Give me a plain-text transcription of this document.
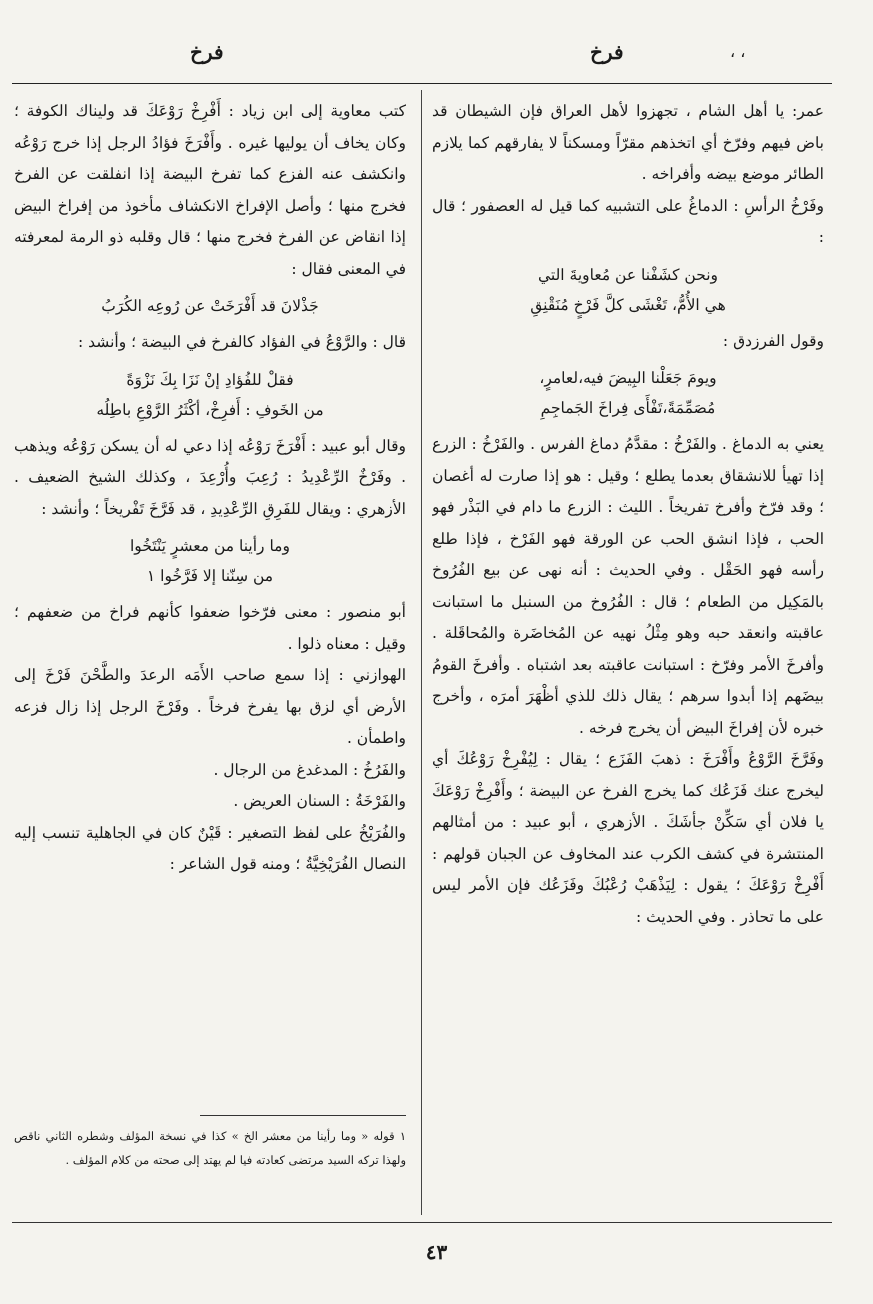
فرخ	فرخ	، ،

عمر: يا أهل الشام ، تجهزوا لأهل العراق فإن الشيطان قد باض فيهم وفرّخ أي اتخذهم مقرّاً ومسكناً لا يفارقهم كما يلازم الطائر موضع بيضه وأفراخه .

وفَرْخُ الرأسِ : الدماغُ على التشبيه كما قيل له العصفور ؛ قال :

ونحن كشَفْنا عن مُعاويةَ التي
هي الأُمُّ، تَغْشَى كلَّ فَرْخٍ مُنَقْنِقِ

وقول الفرزدق :

ويومَ جَعَلْنا البِيضَ فيه،لعامرٍ،
مُصَمِّمَةً،تَفْأَى فِراخَ الجَماجِمِ

يعني به الدماغ . والفَرْخُ : مقدَّمُ دماغ الفرس . والفَرْخُ : الزرع إذا تهيأ للانشقاق بعدما يطلع ؛ وقيل : هو إذا صارت له أغصان ؛ وقد فرّخ وأفرخ تفريخاً . الليث : الزرع ما دام في البَذْر فهو الحب ، فإذا انشق الحب عن الورقة فهو الفَرْخ ، فإذا طلع رأسه فهو الحَقْل . وفي الحديث : أنه نهى عن بيع الفُرُوخ بالمَكِيل من الطعام ؛ قال : الفُرُوخ من السنبل ما استبانت عاقبته وانعقد حبه وهو مِثْلُ نهيه عن المُخاضَرة والمُحاقَلة . وأفرخَ الأمر وفرّخ : استبانت عاقبته بعد اشتباه . وأفرخَ القومُ بيضَهم إذا أبدوا سرهم ؛ يقال ذلك للذي أظْهَرَ أمرَه ، وأخرج خبره لأن إفراخَ البيض أن يخرج فرخه .

وفَرَّخَ الرَّوْعُ وأَفْرَخَ : ذهبَ الفَزَع ؛ يقال : لِيُفْرِخْ رَوْعُكَ أي ليخرج عنك فَزَعُك كما يخرج الفرخ عن البيضة ؛ وأَفْرِخْ رَوْعَكَ يا فلان أي سَكِّنْ جأشَكَ . الأزهري ، أبو عبيد : من أمثالهم المنتشرة في كشف الكرب عند المخاوف عن الجبان قولهم : أَفْرِخْ رَوْعَكَ ؛ يقول : لِيَذْهَبْ رُعْبُكَ وفَزَعُك فإن الأمر ليس على ما تحاذر . وفي الحديث :

كتب معاوية إلى ابن زياد : أَفْرِخْ رَوْعَكَ قد وليناك الكوفة ؛ وكان يخاف أن يوليها غيره . وأَفْرَخَ فؤادُ الرجل إذا خرج رَوْعُه وانكشف عنه الفزع كما تفرخ البيضة إذا انفلقت عن الفرخ فخرج منها ؛ وأصل الإفراخ الانكشاف مأخوذ من إفراخ البيض إذا انقاض عن الفرخ فخرج منها ؛ قال وقلبه ذو الرمة لمعرفته في المعنى فقال :

جَذْلانَ قد أَفْرَخَتْ عن رُوعِه الكُرَبُ

قال : والرَّوْعُ في الفؤاد كالفرخ في البيضة ؛ وأنشد :

فقلْ للفُؤادِ إنْ نَزَا بِكَ نَزْوَةً
من الخَوفِ : أَفرِخْ، أكْثَرُ الرَّوْعِ باطِلُه

وقال أبو عبيد : أَفْرَخَ رَوْعُه إذا دعي له أن يسكن رَوْعُه ويذهب . وفَرْخٌ الرِّعْدِيدُ : رُعِبَ وأُرْعِدَ ، وكذلك الشيخ الضعيف . الأزهري : ويقال للفَرِقِ الرِّعْدِيدِ ، قد فَرَّخَ تَفْريخاً ؛ وأنشد :

وما رأينا من معشرٍ يَنْتَخُوا
من سِنّنا إلا فَرَّخُوا ١

أبو منصور : معنى فرّخوا ضعفوا كأنهم فراخ من ضعفهم ؛ وقيل : معناه ذلوا .

الهوازني : إذا سمع صاحب الأَمَه الرعدَ والطَّحْنَ فَرْخَ إلى الأرض أي لزق بها يفرخ فرخاً . وفَرْخَ الرجل إذا زال فزعه واطمأن .

والفَرُخُ : المدغدغ من الرجال .

والفَرْخَةُ : السنان العريض .

والفُرَيْخُ على لفظ التصغير : قَيْنٌ كان في الجاهلية تنسب إليه النصال الفُرَيْخِيَّةُ ؛ ومنه قول الشاعر :

١ قوله « وما رأينا من معشر الخ » كذا في نسخة المؤلف وشطره الثاني ناقص ولهذا تركه السيد مرتضى كعادته فيا لم يهتد إلى صحته من كلام المؤلف .
٤٣
